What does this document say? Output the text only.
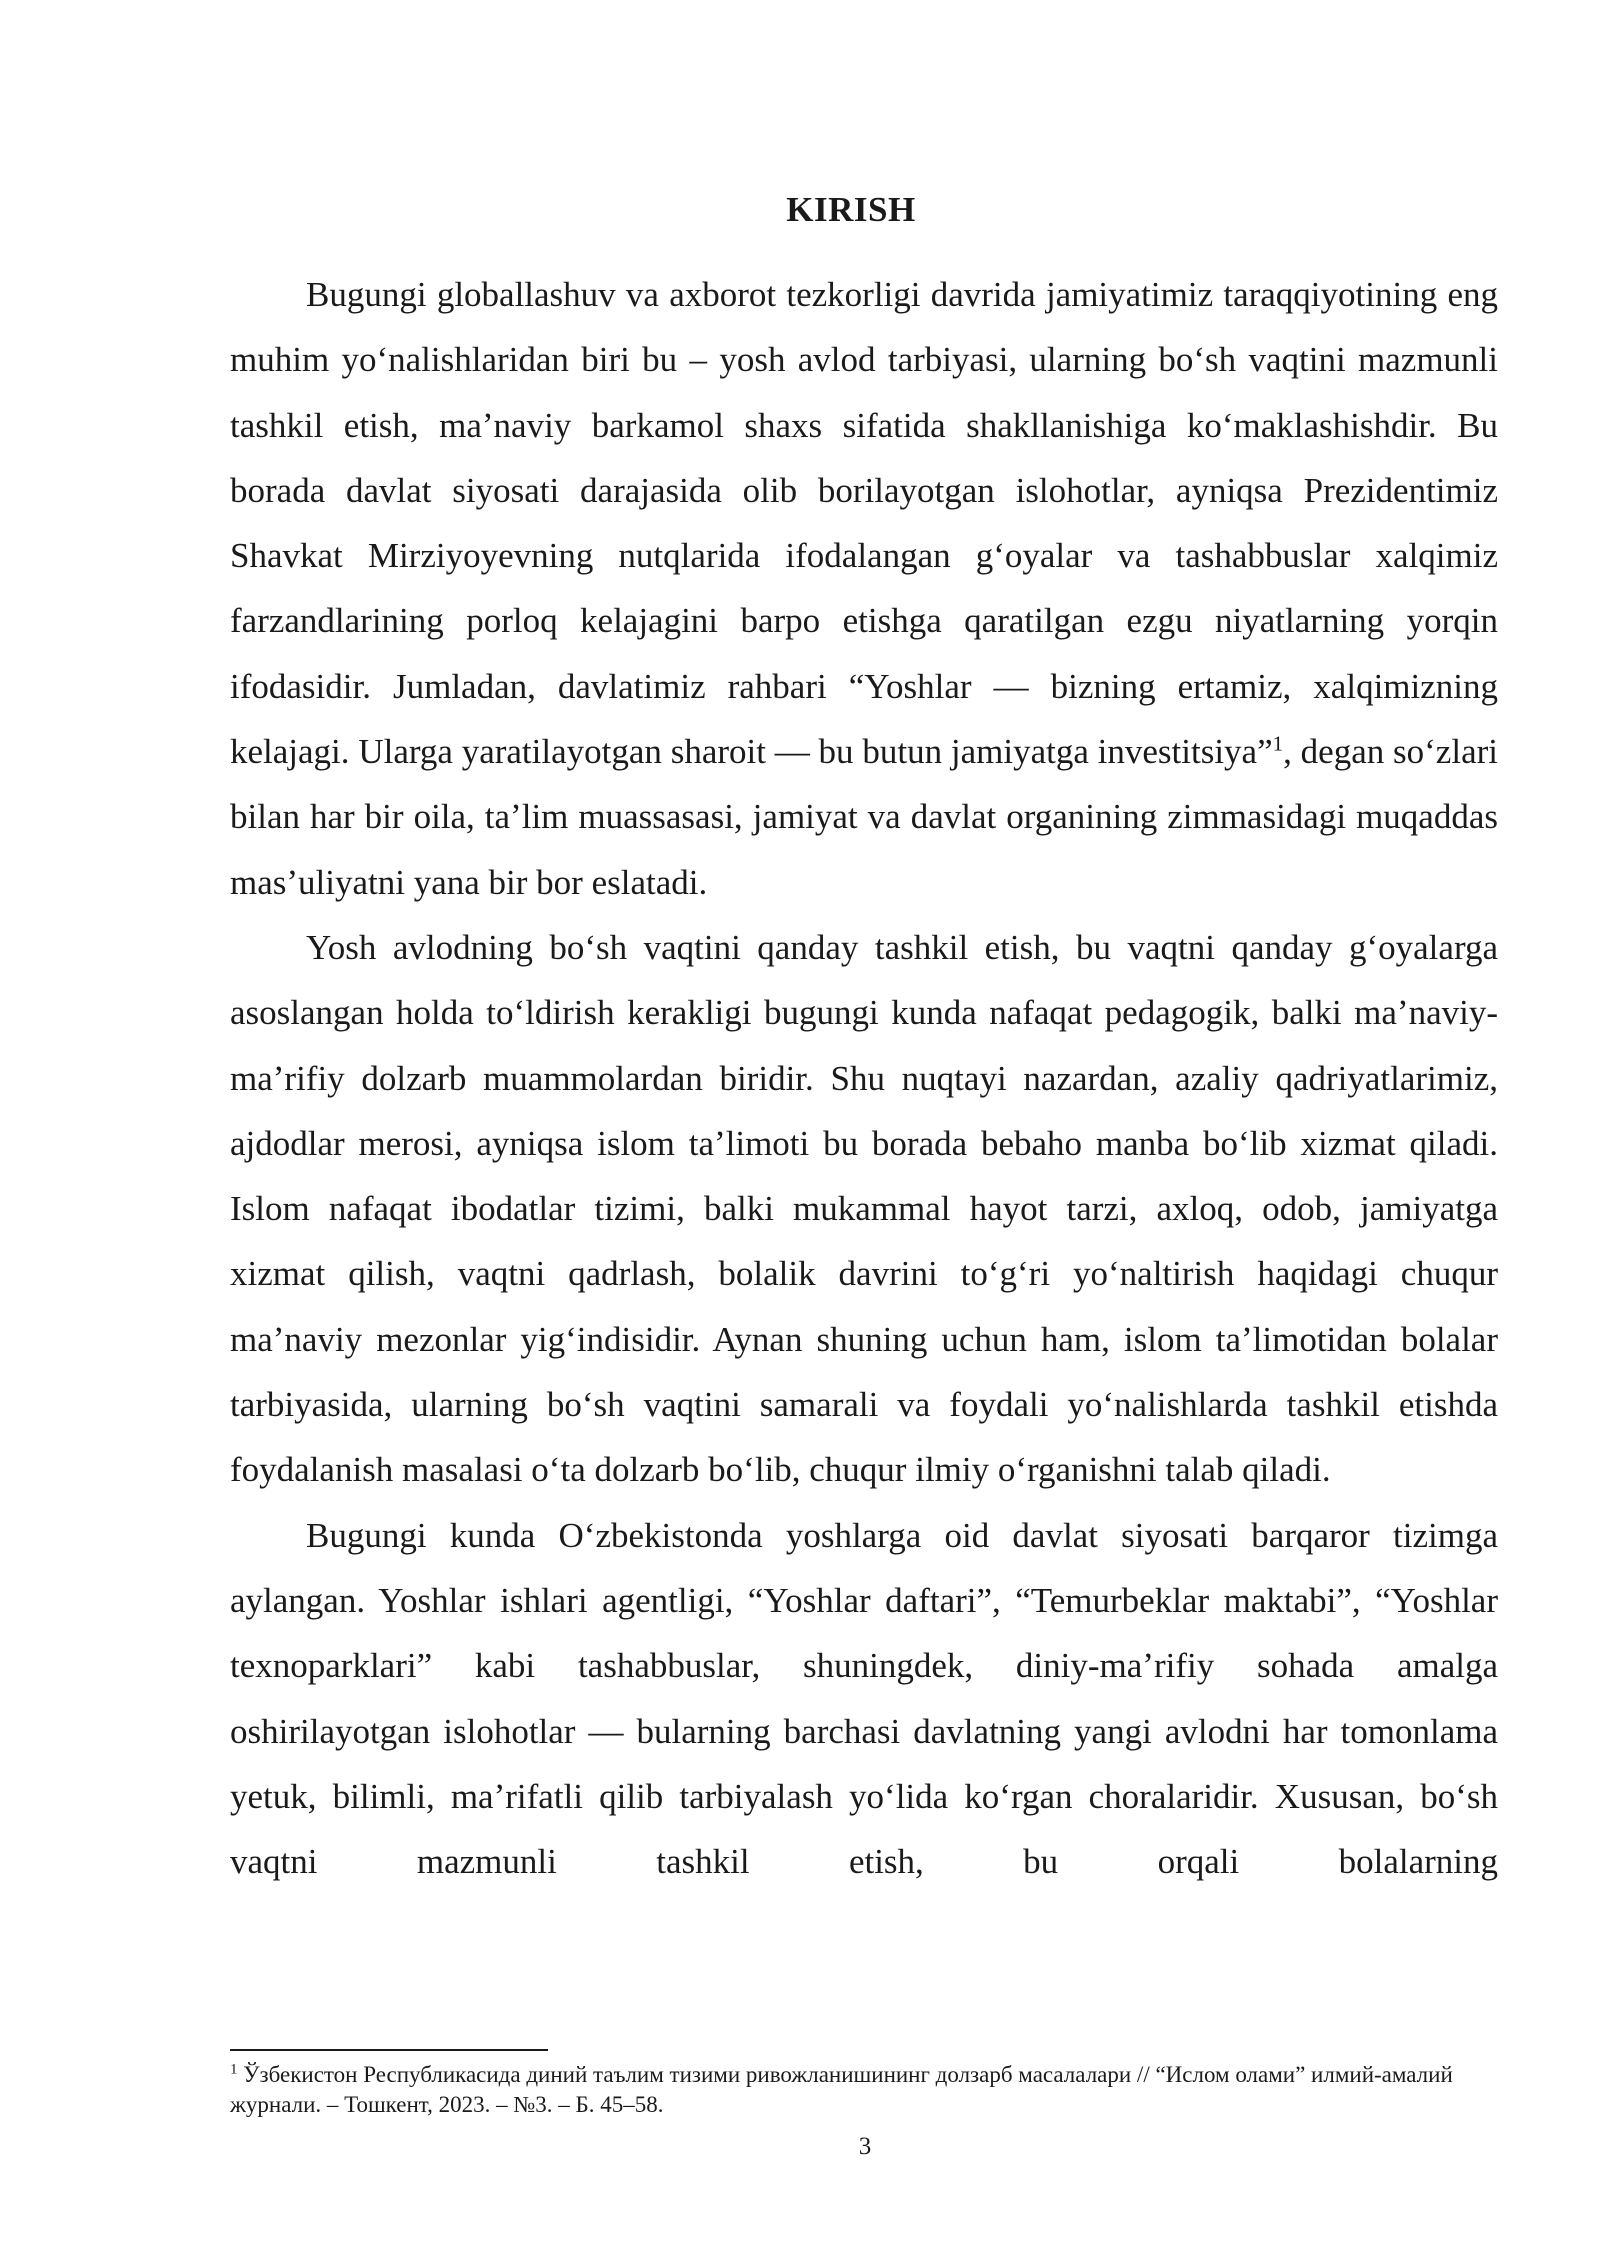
KIRISH

Bugungi globallashuv va axborot tezkorligi davrida jamiyatimiz taraqqiyotining eng muhim yoʻnalishlaridan biri bu – yosh avlod tarbiyasi, ularning boʻsh vaqtini mazmunli tashkil etish, maʼnaviy barkamol shaxs sifatida shakllanishiga koʻmaklashishdir. Bu borada davlat siyosati darajasida olib borilayotgan islohotlar, ayniqsa Prezidentimiz Shavkat Mirziyoyevning nutqlarida ifodalangan gʻoyalar va tashabbuslar xalqimiz farzandlarining porloq kelajagini barpo etishga qaratilgan ezgu niyatlarning yorqin ifodasidir. Jumladan, davlatimiz rahbari “Yoshlar — bizning ertamiz, xalqimizning kelajagi. Ularga yaratilayotgan sharoit — bu butun jamiyatga investitsiya”$^1$, degan soʻzlari bilan har bir oila, taʼlim muassasasi, jamiyat va davlat organining zimmasidagi muqaddas masʼuliyatni yana bir bor eslatadi.

Yosh avlodning boʻsh vaqtini qanday tashkil etish, bu vaqtni qanday gʻoyalarga asoslangan holda toʻldirish kerakligi bugungi kunda nafaqat pedagogik, balki maʼnaviy-maʼrifiy dolzarb muammolardan biridir. Shu nuqtayi nazardan, azaliy qadriyatlarimiz, ajdodlar merosi, ayniqsa islom taʼlimoti bu borada bebaho manba boʻlib xizmat qiladi. Islom nafaqat ibodatlar tizimi, balki mukammal hayot tarzi, axloq, odob, jamiyatga xizmat qilish, vaqtni qadrlash, bolalik davrini toʻgʻri yoʻnaltirish haqidagi chuqur maʼnaviy mezonlar yigʻindisidir. Aynan shuning uchun ham, islom taʼlimotidan bolalar tarbiyasida, ularning boʻsh vaqtini samarali va foydali yoʻnalishlarda tashkil etishda foydalanish masalasi oʻta dolzarb boʻlib, chuqur ilmiy oʻrganishni talab qiladi.

Bugungi kunda Oʻzbekistonda yoshlarga oid davlat siyosati barqaror tizimga aylangan. Yoshlar ishlari agentligi, “Yoshlar daftari”, “Temurbeklar maktabi”, “Yoshlar texnoparklari” kabi tashabbuslar, shuningdek, diniy-maʼrifiy sohada amalga oshirilayotgan islohotlar — bularning barchasi davlatning yangi avlodni har tomonlama yetuk, bilimli, maʼrifatli qilib tarbiyalash yoʻlida koʻrgan choralaridir. Xususan, boʻsh vaqtni mazmunli tashkil etish, bu orqali bolalarning

$^1$ Ўзбекистон Республикасида диний таълим тизими ривожланишининг долзарб масалалари // “Ислом олами” илмий-амалий журнали. – Тошкент, 2023. – №3. – Б. 45–58.
3
